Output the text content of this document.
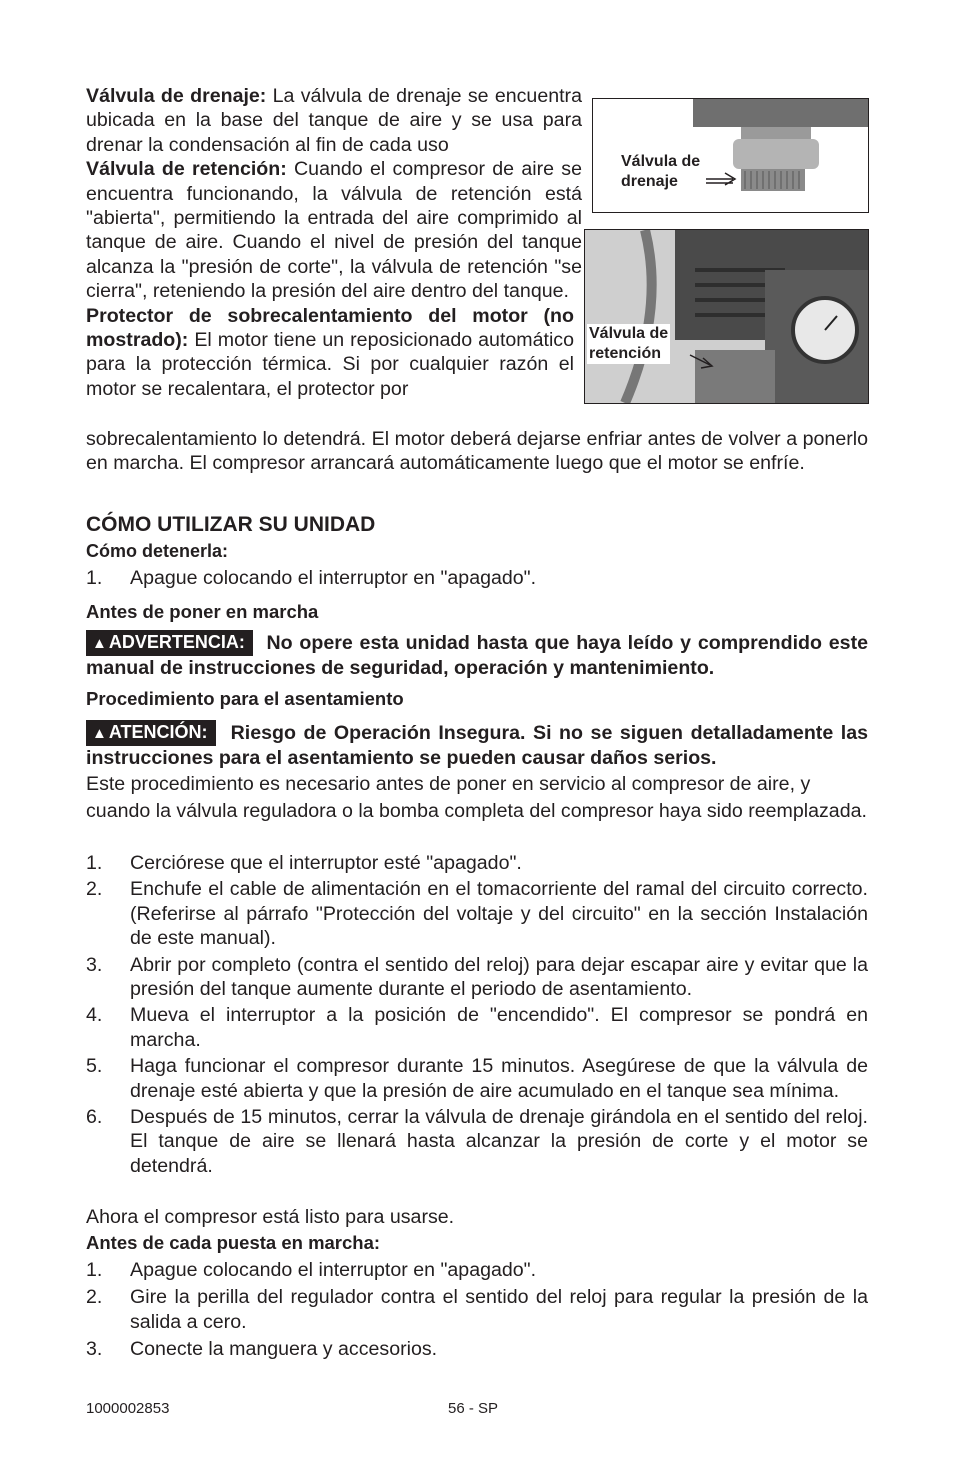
Válvula de drenaje: La válvula de drenaje se encuentra ubicada en la base del tanque de aire y se usa para drenar la condensación al fin de cada uso

Válvula de retención: Cuando el compresor de aire se encuentra funcionando, la válvula de retención está "abierta", permitiendo la entrada del aire comprimido al tanque de aire. Cuando el nivel de presión del tanque alcanza la "presión de corte", la válvula de retención "se cierra", reteniendo la presión del aire dentro del tanque.

Protector de sobrecalentamiento del motor (no mostrado): El motor tiene un reposicionado automático para la protección térmica. Si por cualquier razón el motor se recalentara, el protector por

sobrecalentamiento lo detendrá. El motor deberá dejarse enfriar antes de volver a ponerlo en marcha. El compresor arrancará automáticamente luego que el motor se enfríe.

Válvula de
drenaje
Válvula de
retención
CÓMO UTILIZAR SU UNIDAD
Cómo detenerla:
1. Apague colocando el interruptor en "apagado".
Antes de poner en marcha

▲ ADVERTENCIA: No opere esta unidad hasta que haya leído y comprendido este manual de instrucciones de seguridad, operación y mantenimiento.

Procedimiento para el asentamiento

▲ ATENCIÓN: Riesgo de Operación Insegura. Si no se siguen detalladamente las instrucciones para el asentamiento se pueden causar daños serios.

Este procedimiento es necesario antes de poner en servicio al compresor de aire, y cuando la válvula reguladora o la bomba completa del compresor haya sido reemplazada.

1. Cerciórese que el interruptor esté "apagado".
2. Enchufe el cable de alimentación en el tomacorriente del ramal del circuito correcto. (Referirse al párrafo "Protección del voltaje y del circuito" en la sección Instalación de este manual).
3. Abrir por completo (contra el sentido del reloj) para dejar escapar aire y evitar que la presión del tanque aumente durante el periodo de asentamiento.
4. Mueva el interruptor a la posición de "encendido". El compresor se pondrá en marcha.
5. Haga funcionar el compresor durante 15 minutos. Asegúrese de que la válvula de drenaje esté abierta y que la presión de aire acumulado en el tanque sea mínima.
6. Después de 15 minutos, cerrar la válvula de drenaje girándola en el sentido del reloj. El tanque de aire se llenará hasta alcanzar la presión de corte y el motor se detendrá.
Ahora el compresor está listo para usarse.
Antes de cada puesta en marcha:
1. Apague colocando el interruptor en "apagado".
2. Gire la perilla del regulador contra el sentido del reloj para regular la presión de la salida a cero.
3. Conecte la manguera y accesorios.
1000002853	56 - SP
